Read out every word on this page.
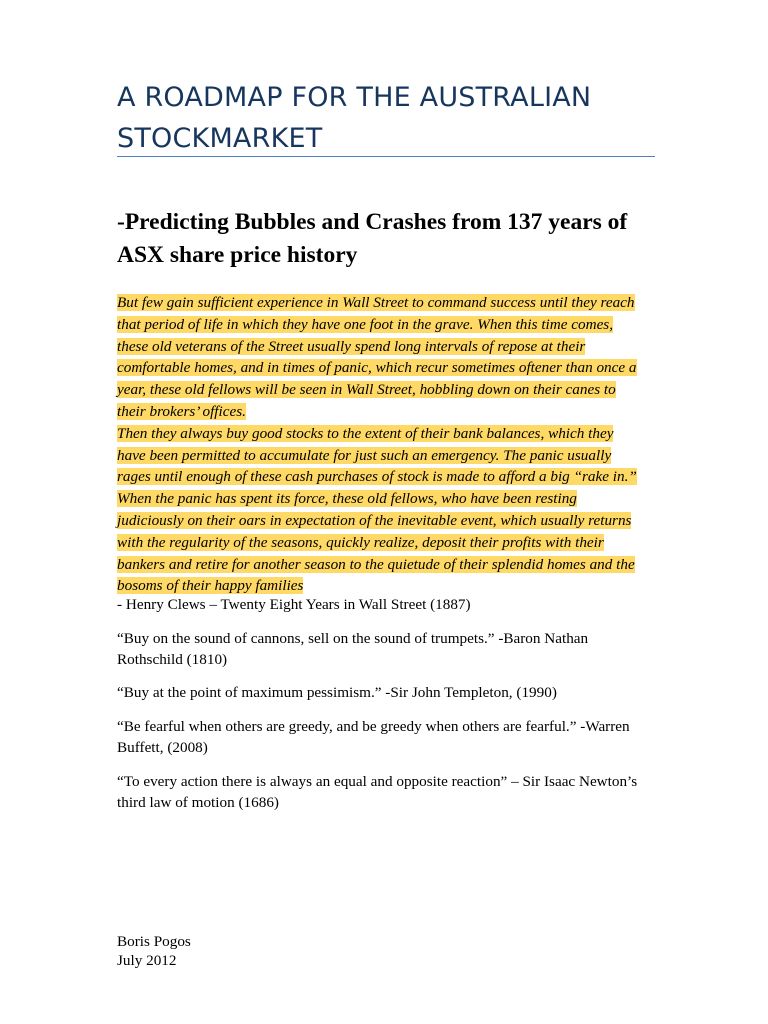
A ROADMAP FOR THE AUSTRALIAN
STOCKMARKET
-Predicting Bubbles and Crashes from 137 years of
ASX share price history

But few gain sufficient experience in Wall Street to command success until they reach
that period of life in which they have one foot in the grave. When this time comes,
these old veterans of the Street usually spend long intervals of repose at their
comfortable homes, and in times of panic, which recur sometimes oftener than once a
year, these old fellows will be seen in Wall Street, hobbling down on their canes to
their brokers’ offices.
Then they always buy good stocks to the extent of their bank balances, which they
have been permitted to accumulate for just such an emergency. The panic usually
rages until enough of these cash purchases of stock is made to afford a big “rake in.”
When the panic has spent its force, these old fellows, who have been resting
judiciously on their oars in expectation of the inevitable event, which usually returns
with the regularity of the seasons, quickly realize, deposit their profits with their
bankers and retire for another season to the quietude of their splendid homes and the
bosoms of their happy families

- Henry Clews – Twenty Eight Years in Wall Street (1887)

“Buy on the sound of cannons, sell on the sound of trumpets.” -Baron Nathan
Rothschild (1810)

“Buy at the point of maximum pessimism.” -Sir John Templeton, (1990)

“Be fearful when others are greedy, and be greedy when others are fearful.” -Warren
Buffett, (2008)

“To every action there is always an equal and opposite reaction” – Sir Isaac Newton’s
third law of motion (1686)

Boris Pogos
July 2012
